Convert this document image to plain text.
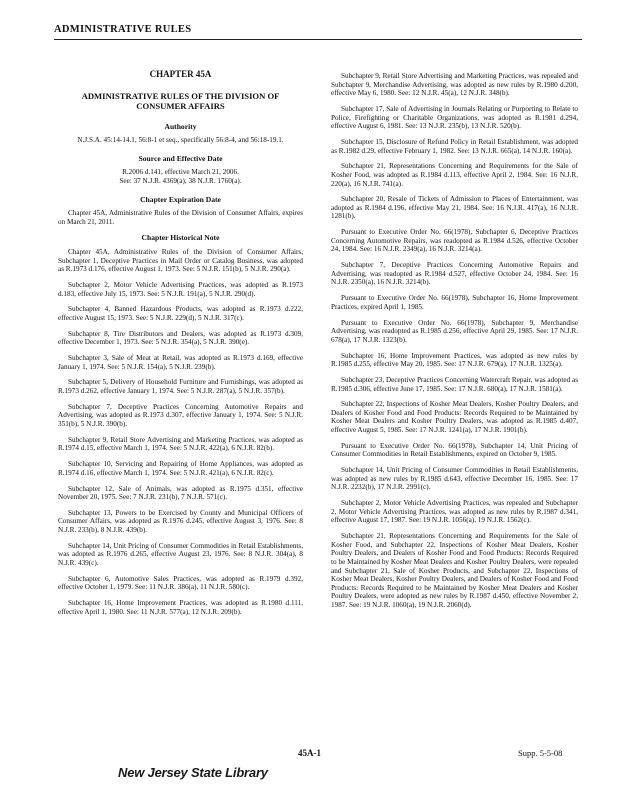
ADMINISTRATIVE RULES
CHAPTER 45A
ADMINISTRATIVE RULES OF THE DIVISION OF
CONSUMER AFFAIRS
Authority
N.J.S.A. 45:14-14.1, 56:8-1 et seq., specifically 56:8-4, and 56:18-19.1.
Source and Effective Date
R.2006 d.141, effective March 21, 2006.
See: 37 N.J.R. 4369(a), 38 N.J.R. 1760(a).
Chapter Expiration Date

Chapter 45A, Administrative Rules of the Division of Consumer Affairs, expires on March 21, 2011.

Chapter Historical Note

Chapter 45A, Administrative Rules of the Division of Consumer Affairs, Subchapter 1, Deceptive Practices in Mail Order or Catalog Business, was adopted as R.1973 d.176, effective August 1, 1973. See: 5 N.J.R. 151(b), 5 N.J.R. 290(a).

Subchapter 2, Motor Vehicle Advertising Practices, was adopted as R.1973 d.183, effective July 15, 1973. See: 5 N.J.R. 191(a), 5 N.J.R. 290(d).

Subchapter 4, Banned Hazardous Products, was adopted as R.1973 d.222, effective August 15, 1973. See: 5 N.J.R. 229(d), 5 N.J.R. 317(c).

Subchapter 8, Tire Distributors and Dealers, was adopted as R.1973 d.309, effective December 1, 1973. See: 5 N.J.R. 354(a), 5 N.J.R. 390(e).

Subchapter 3, Sale of Meat at Retail, was adopted as R.1973 d.169, effective January 1, 1974. See: 5 N.J.R. 154(a), 5 N.J.R. 239(b).

Subchapter 5, Delivery of Household Furniture and Furnishings, was adopted as R.1973 d.262, effective January 1, 1974. See: 5 N.J.R. 287(a), 5 N.J.R. 357(b).

Subchapter 7, Deceptive Practices Concerning Automotive Repairs and Advertising, was adopted as R.1973 d.307, effective January 1, 1974. See: 5 N.J.R. 351(b), 5 N.J.R. 390(b).

Subchapter 9, Retail Store Advertising and Marketing Practices, was adopted as R.1974 d.15, effective March 1, 1974. See: 5 N.J.R. 422(a), 6 N.J.R. 82(b).

Subchapter 10, Servicing and Repairing of Home Appliances, was adopted as R.1974 d.16, effective March 1, 1974. See: 5 N.J.R. 421(a), 6 N.J.R. 82(c).

Subchapter 12, Sale of Animals, was adopted as R.1975 d.351, effective November 20, 1975. See: 7 N.J.R. 231(b), 7 N.J.R. 571(c).

Subchapter 13, Powers to be Exercised by County and Municipal Officers of Consumer Affairs, was adopted as R.1976 d.245, effective August 3, 1976. See: 8 N.J.R. 233(b), 8 N.J.R. 439(b).

Subchapter 14, Unit Pricing of Consumer Commodities in Retail Establishments, was adopted as R.1976 d.265, effective August 23, 1976. See: 8 N.J.R. 304(a), 8 N.J.R. 439(c).

Subchapter 6, Automotive Sales Practices, was adopted as R.1979 d.392, effective October 1, 1979. See: 11 N.J.R. 386(a), 11 N.J.R. 580(c).

Subchapter 16, Home Improvement Practices, was adopted as R.1980 d.111, effective April 1, 1980. See: 11 N.J.R. 577(a), 12 N.J.R. 209(b).

Subchapter 9, Retail Store Advertising and Marketing Practices, was repealed and Subchapter 9, Merchandise Advertising, was adopted as new rules by R.1980 d.200, effective May 6, 1980. See: 12 N.J.R. 45(a), 12 N.J.R. 348(b).

Subchapter 17, Sale of Advertising in Journals Relating or Purporting to Relate to Police, Firefighting or Charitable Organizations, was adopted as R.1981 d.294, effective August 6, 1981. See: 13 N.J.R. 235(b), 13 N.J.R. 520(b).

Subchapter 15, Disclosure of Refund Policy in Retail Establishment, was adopted as R.1982 d.29, effective February 1, 1982. See: 13 N.J.R. 665(a), 14 N.J.R. 160(a).

Subchapter 21, Representations Concerning and Requirements for the Sale of Kosher Food, was adopted as R.1984 d.113, effective April 2, 1984. See: 16 N.J.R. 220(a), 16 N.J.R. 741(a).

Subchapter 20, Resale of Tickets of Admission to Places of Entertainment, was adopted as R.1984 d.196, effective May 21, 1984. See: 16 N.J.R. 417(a), 16 N.J.R. 1281(b).

Pursuant to Executive Order No. 66(1978), Subchapter 6, Deceptive Practices Concerning Automotive Repairs, was readopted as R.1984 d.526, effective October 24, 1984. See: 16 N.J.R. 2349(a), 16 N.J.R. 3214(a).

Subchapter 7, Deceptive Practices Concerning Automotive Repairs and Advertising, was readopted as R.1984 d.527, effective October 24, 1984. See: 16 N.J.R. 2350(a), 16 N.J.R. 3214(b).

Pursuant to Executive Order No. 66(1978), Subchapter 16, Home Improvement Practices, expired April 1, 1985.

Pursuant to Executive Order No. 66(1978), Subchapter 9, Merchandise Advertising, was readopted as R.1985 d.256, effective April 29, 1985. See: 17 N.J.R. 678(a), 17 N.J.R. 1323(b).

Subchapter 16, Home Improvement Practices, was adopted as new rules by R.1985 d.255, effective May 20, 1985. See: 17 N.J.R. 679(a), 17 N.J.R. 1325(a).

Subchapter 23, Deceptive Practices Concerning Watercraft Repair, was adopted as R.1985 d.306, effective June 17, 1985. See: 17 N.J.R. 680(a), 17 N.J.R. 1581(a).

Subchapter 22, Inspections of Kosher Meat Dealers, Kosher Poultry Dealers, and Dealers of Kosher Food and Food Products: Records Required to be Maintained by Kosher Meat Dealers and Kosher Poultry Dealers, was adopted as R.1985 d.407, effective August 5, 1985. See: 17 N.J.R. 1241(a), 17 N.J.R. 1901(b).

Pursuant to Executive Order No. 66(1978), Subchapter 14, Unit Pricing of Consumer Commodities in Retail Establishments, expired on October 9, 1985.

Subchapter 14, Unit Pricing of Consumer Commodities in Retail Establishments, was adopted as new rules by R.1985 d.643, effective December 16, 1985. See: 17 N.J.R. 2232(b), 17 N.J.R. 2991(c).

Subchapter 2, Motor Vehicle Advertising Practices, was repealed and Subchapter 2, Motor Vehicle Advertising Practices, was adopted as new rules by R.1987 d.341, effective August 17, 1987. See: 19 N.J.R. 1056(a), 19 N.J.R. 1562(c).

Subchapter 21, Representations Concerning and Requirements for the Sale of Kosher Food, and Subchapter 22, Inspections of Kosher Meat Dealers, Kosher Poultry Dealers, and Dealers of Kosher Food and Food Products: Records Required to be Maintained by Kosher Meat Dealers and Kosher Poultry Dealers, were repealed and Subchapter 21, Sale of Kosher Products, and Subchapter 22, Inspections of Kosher Meat Dealers, Kosher Poultry Dealers, and Dealers of Kosher Food and Food Products: Records Required to be Maintained by Kosher Meat Dealers and Kosher Poultry Dealers, were adopted as new rules by R.1987 d.450, effective November 2, 1987. See: 19 N.J.R. 1060(a), 19 N.J.R. 2060(d).

45A-1	Supp. 5-5-08
New Jersey State Library
